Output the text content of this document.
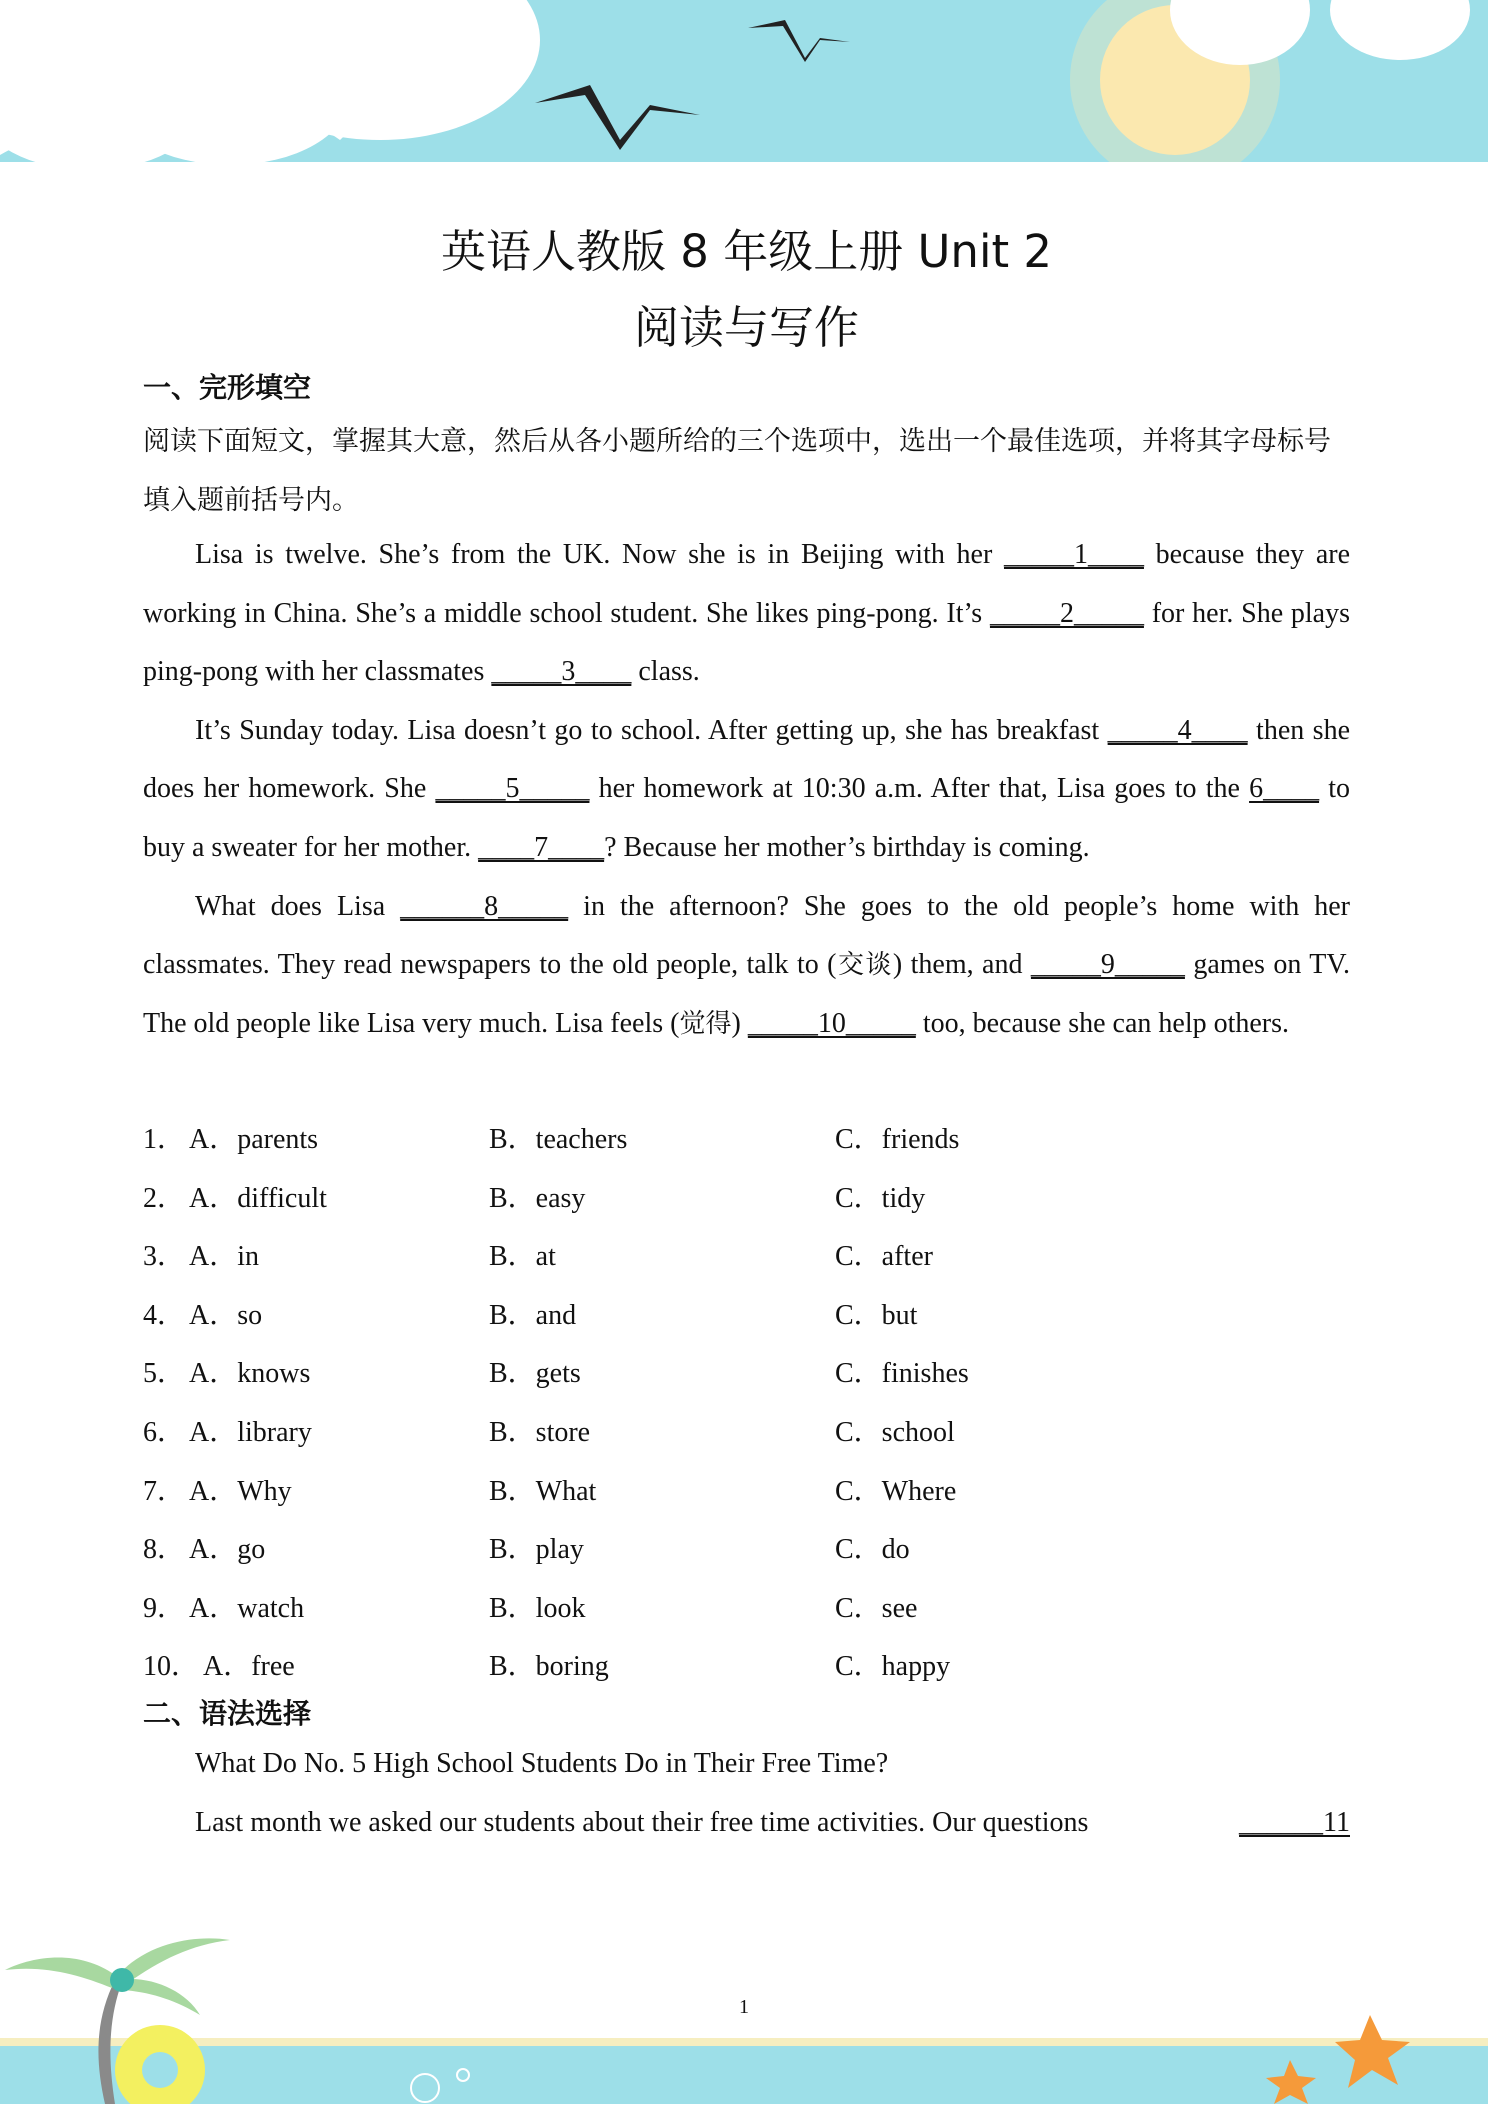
英语人教版 8 年级上册 Unit 2
阅读与写作
一、完形填空
阅读下面短文，掌握其大意，然后从各小题所给的三个选项中，选出一个最佳选项，并将其字母标号填入题前括号内。

Lisa is twelve. She’s from the UK. Now she is in Beijing with her _____1____ because they are working in China. She’s a middle school student. She likes ping-pong. It’s _____2_____ for her. She plays ping-pong with her classmates _____3____ class.

It’s Sunday today. Lisa doesn’t go to school. After getting up, she has breakfast _____4____ then she does her homework. She _____5_____ her homework at 10:30 a.m. After that, Lisa goes to the 6____ to buy a sweater for her mother. ____7____? Because her mother’s birthday is coming.

What does Lisa ______8_____ in the afternoon? She goes to the old people’s home with her classmates. They read newspapers to the old people, talk to (交谈) them, and _____9_____ games on TV. The old people like Lisa very much. Lisa feels (觉得) _____10_____ too, because she can help others.

1． A．parents	B．teachers	C．friends
2． A．difficult	B．easy	C．tidy
3． A．in	B．at	C．after
4． A．so	B．and	C．but
5． A．knows	B．gets	C．finishes
6． A．library	B．store	C．school
7． A．Why	B．What	C．Where
8． A．go	B．play	C．do
9． A．watch	B．look	C．see
10． A．free	B．boring	C．happy
二、语法选择
What Do No. 5 High School Students Do in Their Free Time?
Last month we asked our students about their free time activities. Our questions	______11
1
